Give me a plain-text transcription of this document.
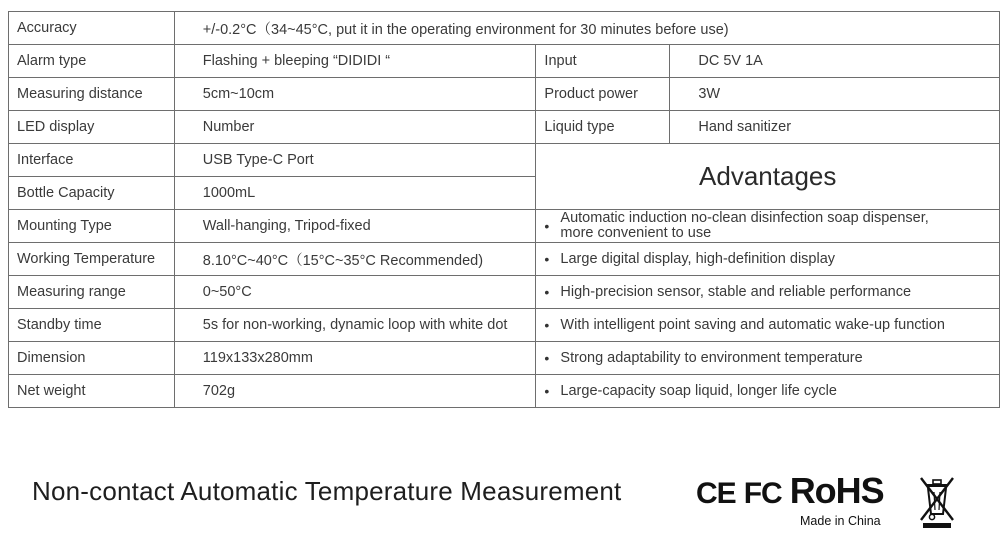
Accuracy	+/-0.2°C（34~45°C, put it in the operating environment for 30 minutes before use)		
Alarm type	Flashing + bleeping “DIDIDI “	Input	DC 5V 1A
Measuring distance	5cm~10cm	Product power	3W
LED display	Number	Liquid type	Hand sanitizer
Interface	USB Type-C Port	Advantages	
Bottle Capacity	1000mL		
Mounting Type	Wall-hanging, Tripod-fixed	• Automatic induction no-clean disinfection soap dispenser, more convenient to use	

Working Temperature	8.10°C~40°C（15°C~35°C Recommended)	• Large digital display, high-definition display	

Measuring range	0~50°C	• High-precision sensor, stable and reliable performance	

Standby time	5s for non-working, dynamic loop with white dot	• With intelligent point saving and automatic wake-up function	

Dimension	119x133x280mm	• Strong adaptability to environment temperature	

Net weight	702g	• Large-capacity soap liquid, longer life cycle	
Non-contact Automatic Temperature Measurement CE FC RoHS
Made in China
